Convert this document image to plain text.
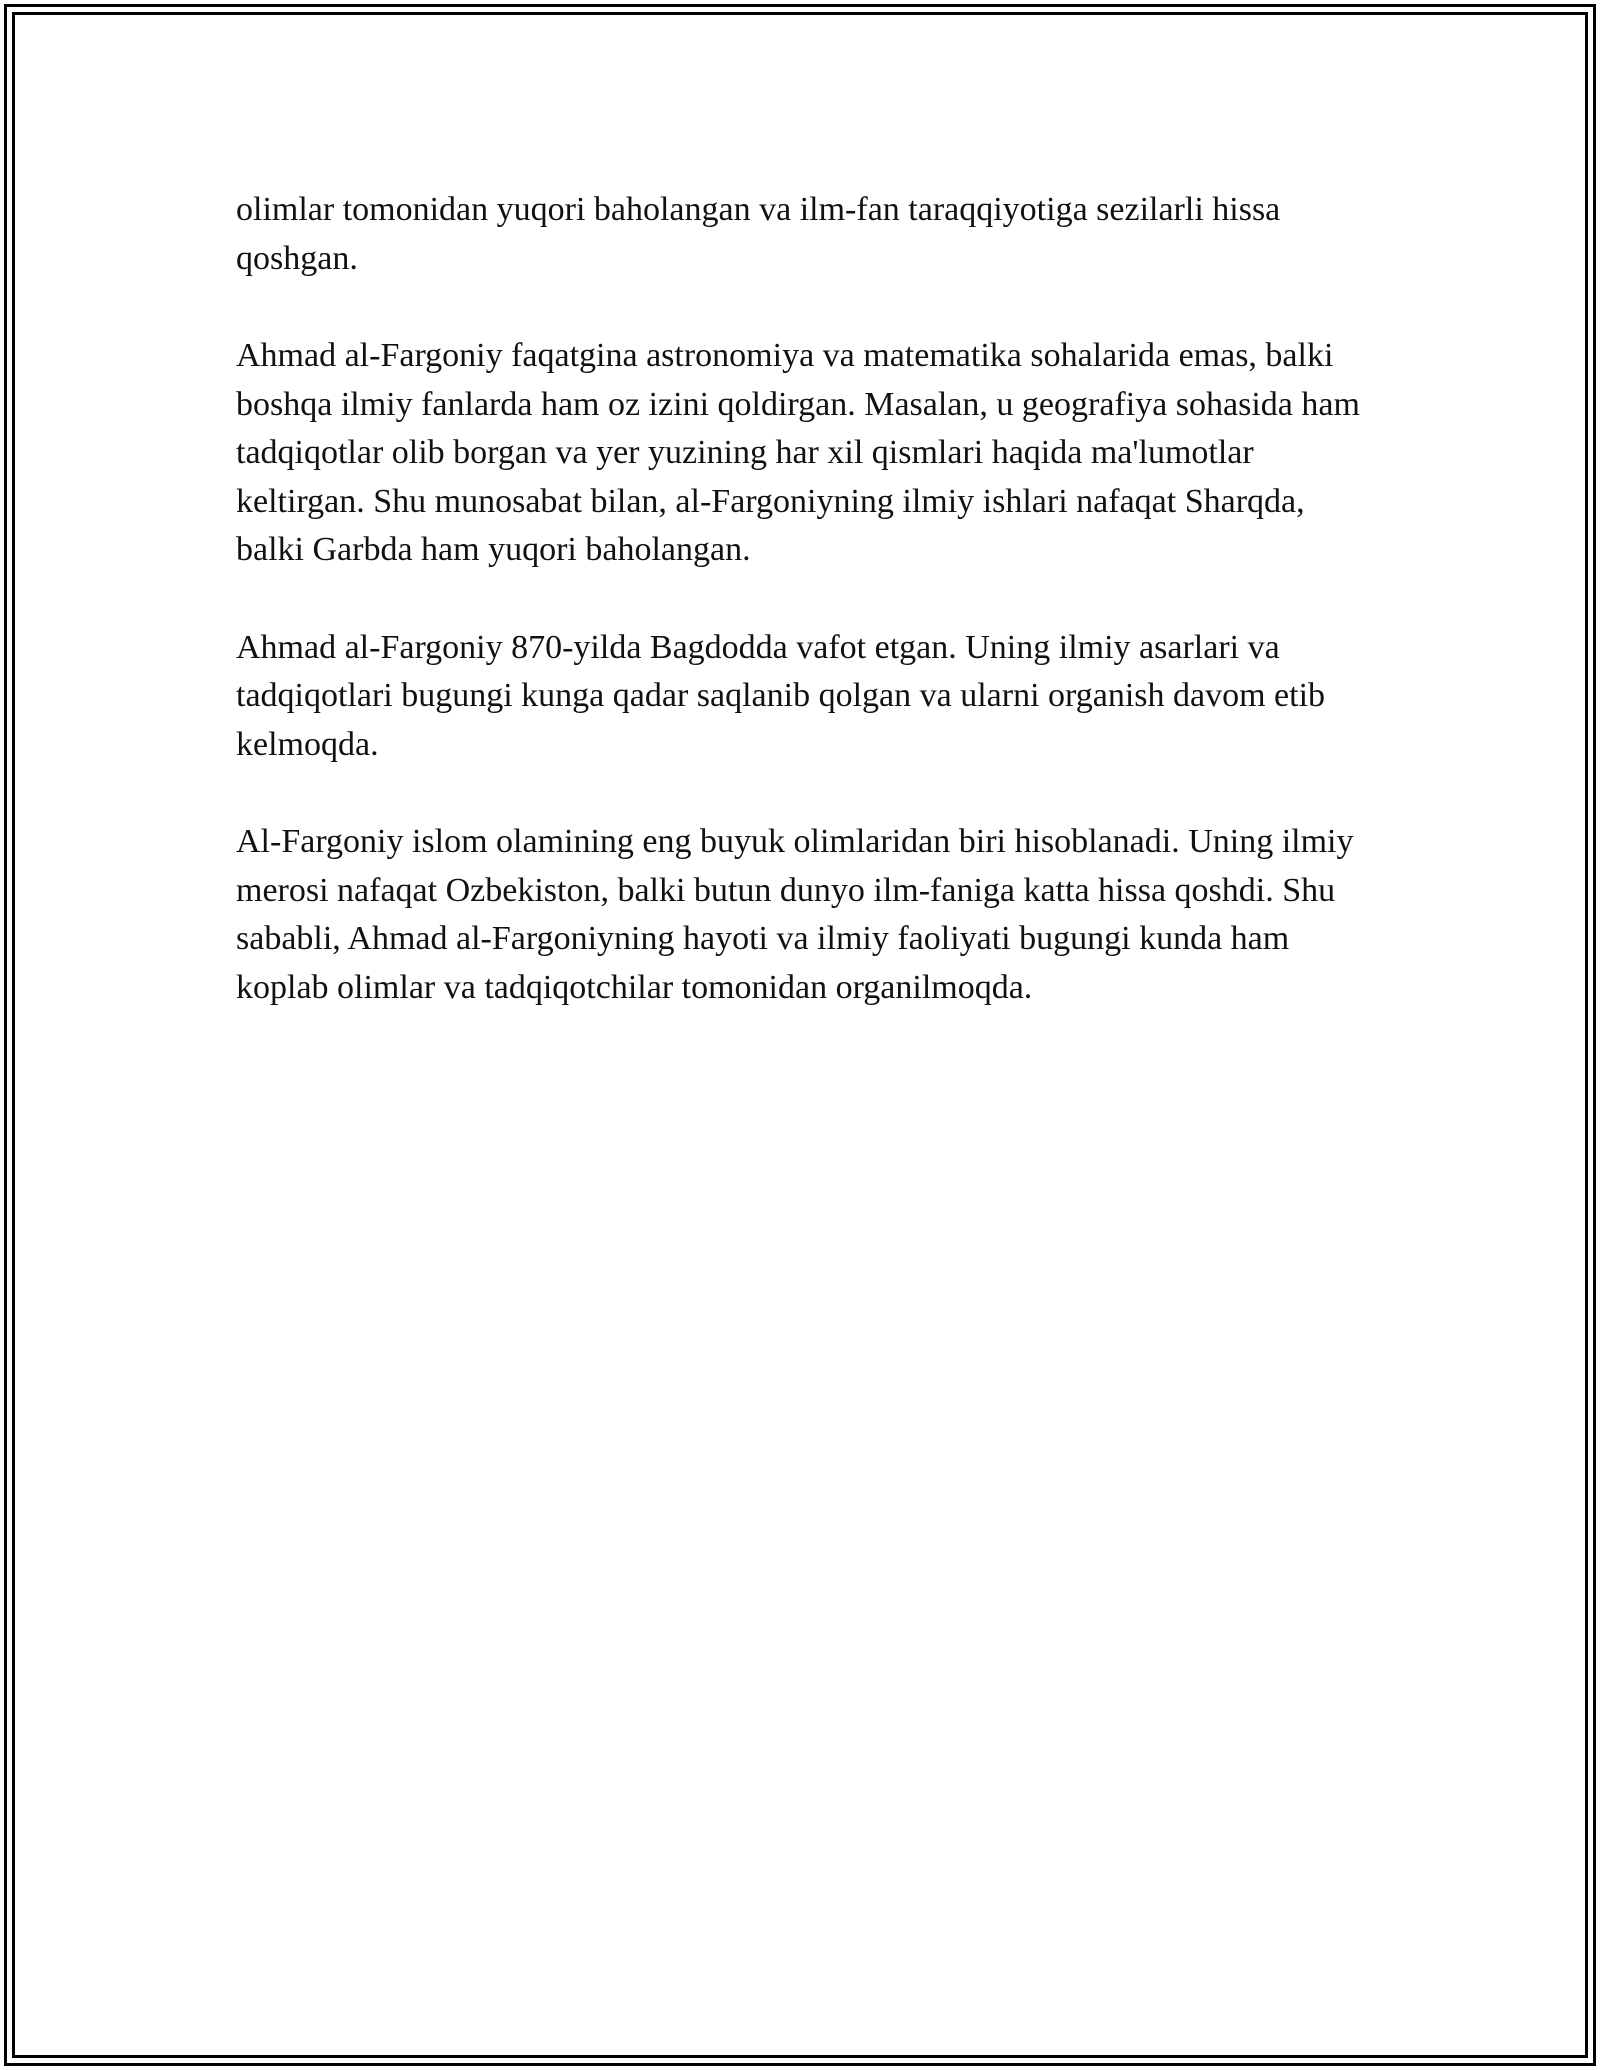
olimlar tomonidan yuqori baholangan va ilm-fan taraqqiyotiga sezilarli hissa qoshgan.

Ahmad al-Fargoniy faqatgina astronomiya va matematika sohalarida emas, balki boshqa ilmiy fanlarda ham oz izini qoldirgan. Masalan, u geografiya sohasida ham tadqiqotlar olib borgan va yer yuzining har xil qismlari haqida ma'lumotlar keltirgan. Shu munosabat bilan, al-Fargoniyning ilmiy ishlari nafaqat Sharqda, balki Garbda ham yuqori baholangan.

Ahmad al-Fargoniy 870-yilda Bagdodda vafot etgan. Uning ilmiy asarlari va tadqiqotlari bugungi kunga qadar saqlanib qolgan va ularni organish davom etib kelmoqda.

Al-Fargoniy islom olamining eng buyuk olimlaridan biri hisoblanadi. Uning ilmiy merosi nafaqat Ozbekiston, balki butun dunyo ilm-faniga katta hissa qoshdi. Shu sababli, Ahmad al-Fargoniyning hayoti va ilmiy faoliyati bugungi kunda ham koplab olimlar va tadqiqotchilar tomonidan organilmoqda.
